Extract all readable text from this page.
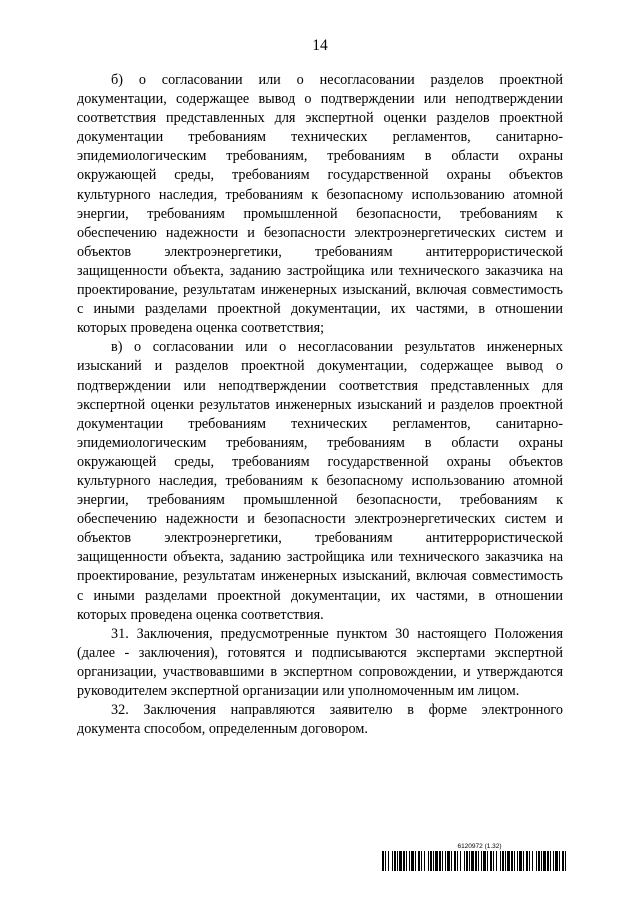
14

б) о согласовании или о несогласовании разделов проектной документации, содержащее вывод о подтверждении или неподтверждении соответствия представленных для экспертной оценки разделов проектной документации требованиям технических регламентов, санитарно-эпидемиологическим требованиям, требованиям в области охраны окружающей среды, требованиям государственной охраны объектов культурного наследия, требованиям к безопасному использованию атомной энергии, требованиям промышленной безопасности, требованиям к обеспечению надежности и безопасности электроэнергетических систем и объектов электроэнергетики, требованиям антитеррористической защищенности объекта, заданию застройщика или технического заказчика на проектирование, результатам инженерных изысканий, включая совместимость с иными разделами проектной документации, их частями, в отношении которых проведена оценка соответствия;

в) о согласовании или о несогласовании результатов инженерных изысканий и разделов проектной документации, содержащее вывод о подтверждении или неподтверждении соответствия представленных для экспертной оценки результатов инженерных изысканий и разделов проектной документации требованиям технических регламентов, санитарно-эпидемиологическим требованиям, требованиям в области охраны окружающей среды, требованиям государственной охраны объектов культурного наследия, требованиям к безопасному использованию атомной энергии, требованиям промышленной безопасности, требованиям к обеспечению надежности и безопасности электроэнергетических систем и объектов электроэнергетики, требованиям антитеррористической защищенности объекта, заданию застройщика или технического заказчика на проектирование, результатам инженерных изысканий, включая совместимость с иными разделами проектной документации, их частями, в отношении которых проведена оценка соответствия.

31. Заключения, предусмотренные пунктом 30 настоящего Положения (далее - заключения), готовятся и подписываются экспертами экспертной организации, участвовавшими в экспертном сопровождении, и утверждаются руководителем экспертной организации или уполномоченным им лицом.

32. Заключения направляются заявителю в форме электронного документа способом, определенным договором.

6120972 (1.32)
